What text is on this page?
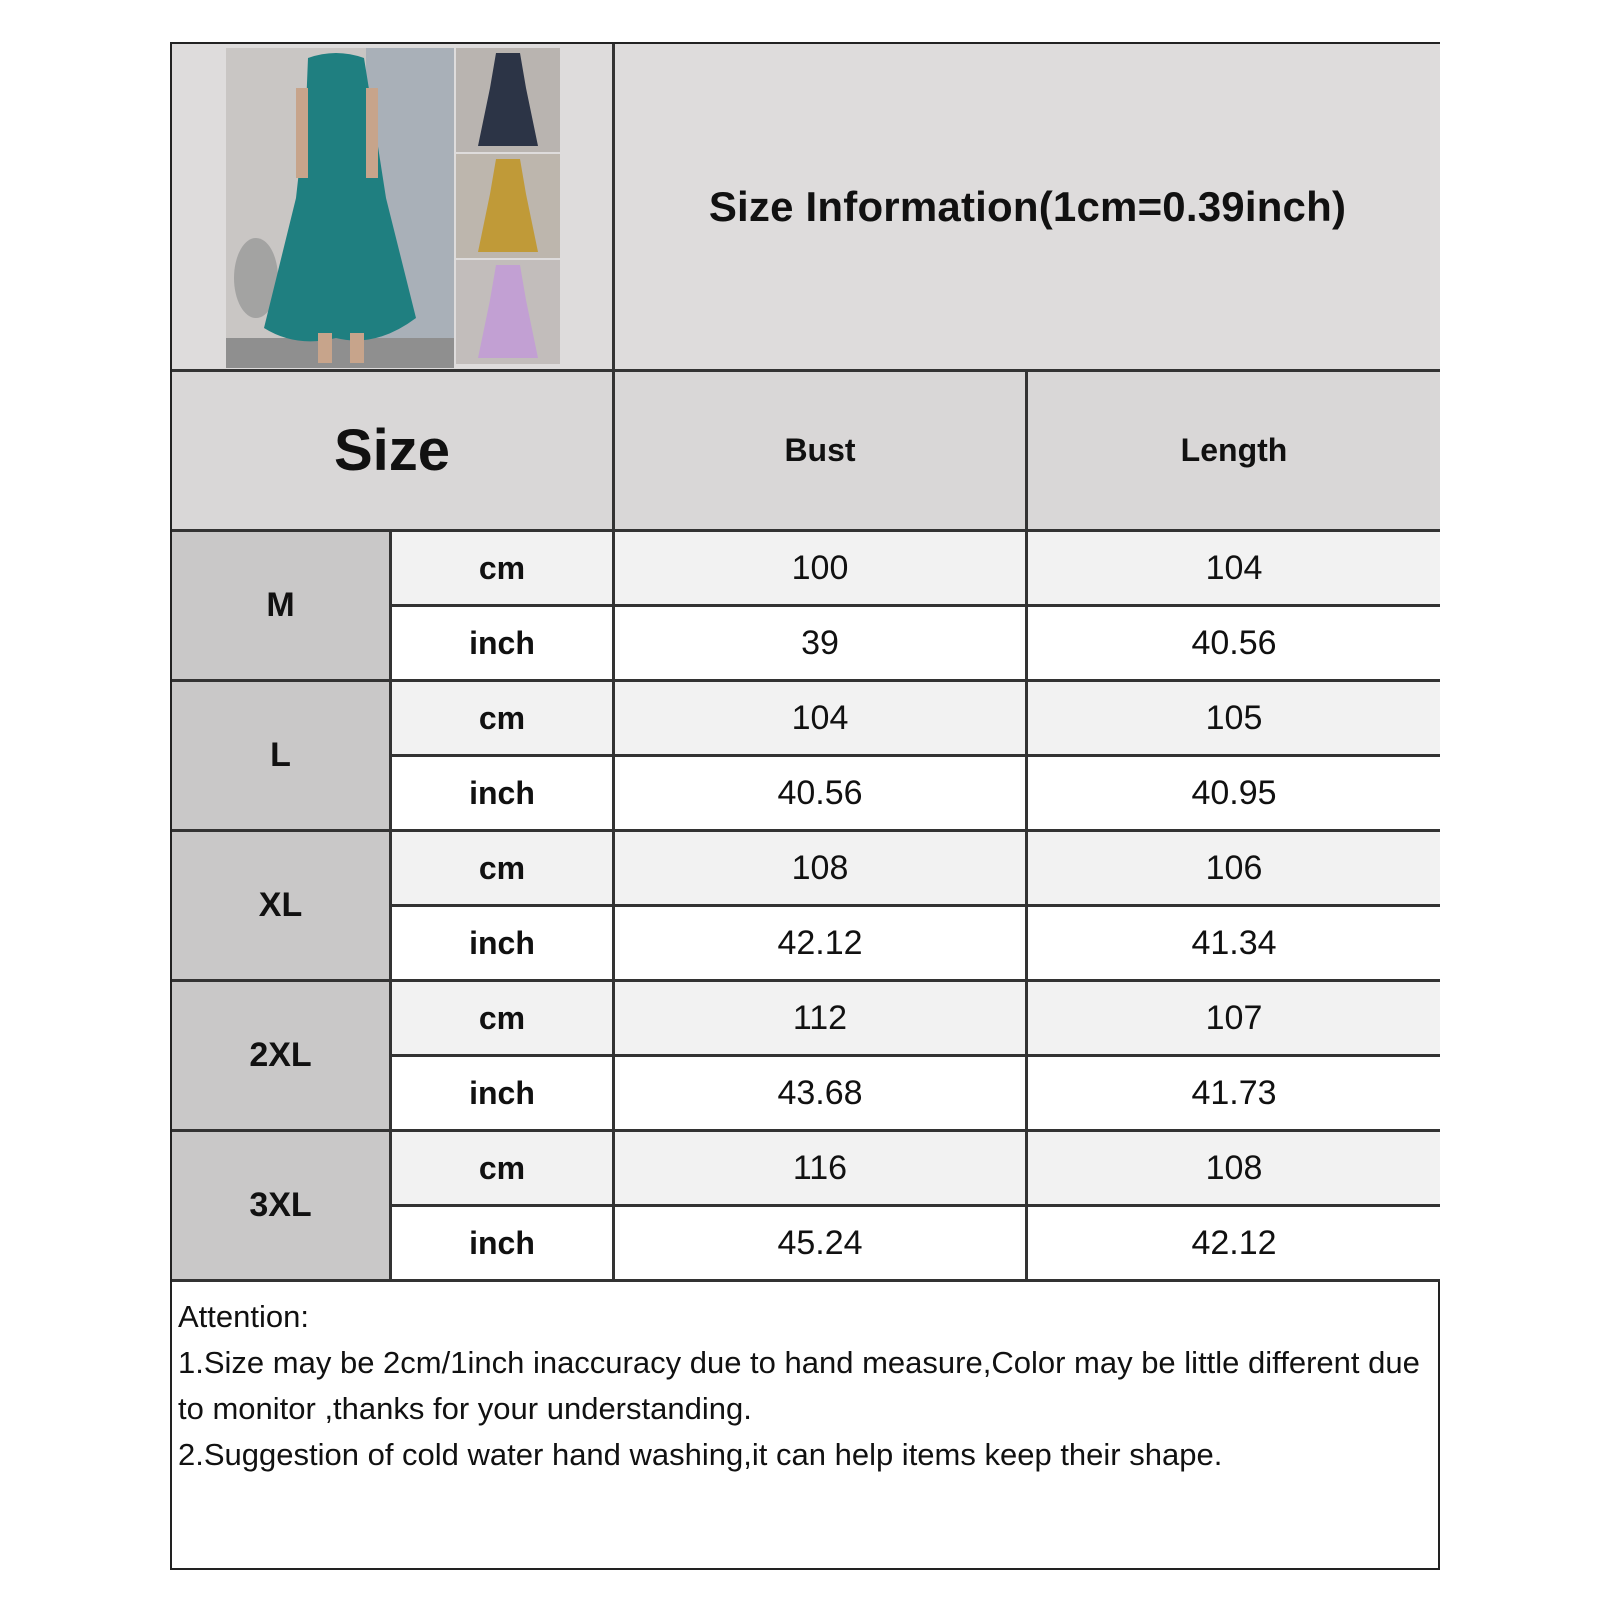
Size Information(1cm=0.39inch)
Size	Bust	Length
M
cm	100	104
inch	39	40.56
L
cm	104	105
inch	40.56	40.95
XL
cm	108	106
inch	42.12	41.34
2XL
cm	112	107
inch	43.68	41.73
3XL
cm	116	108
inch	45.24	42.12
Attention:
1.Size may be 2cm/1inch inaccuracy due to hand measure,Color may be little different due to monitor ,thanks for your understanding.
2.Suggestion of cold water hand washing,it can help items keep their shape.
